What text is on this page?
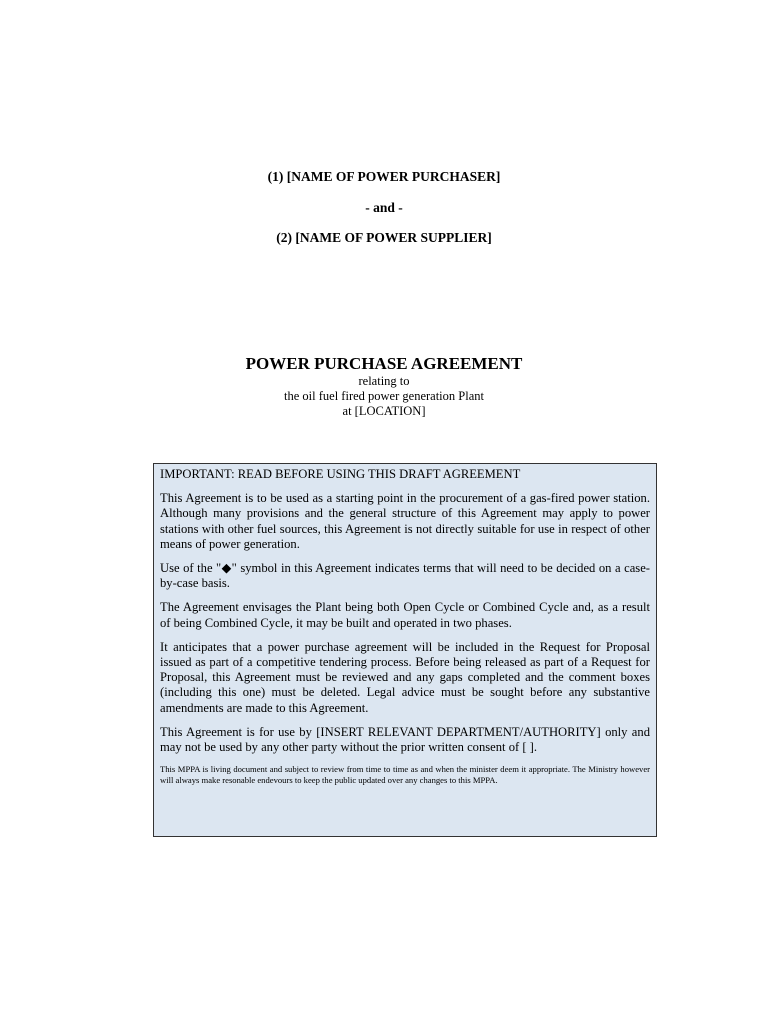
(1) [NAME OF POWER PURCHASER]
- and -
(2) [NAME OF POWER SUPPLIER]
POWER PURCHASE AGREEMENT
relating to
the oil fuel fired power generation Plant
at [LOCATION]

IMPORTANT: READ BEFORE USING THIS DRAFT AGREEMENT

This Agreement is to be used as a starting point in the procurement of a gas-fired power station. Although many provisions and the general structure of this Agreement may apply to power stations with other fuel sources, this Agreement is not directly suitable for use in respect of other means of power generation.

Use of the "◆" symbol in this Agreement indicates terms that will need to be decided on a case-by-case basis.

The Agreement envisages the Plant being both Open Cycle or Combined Cycle and, as a result of being Combined Cycle, it may be built and operated in two phases.

It anticipates that a power purchase agreement will be included in the Request for Proposal issued as part of a competitive tendering process. Before being released as part of a Request for Proposal, this Agreement must be reviewed and any gaps completed and the comment boxes (including this one) must be deleted. Legal advice must be sought before any substantive amendments are made to this Agreement.

This Agreement is for use by [INSERT RELEVANT DEPARTMENT/AUTHORITY] only and may not be used by any other party without the prior written consent of [ ].

This MPPA is living document and subject to review from time to time as and when the minister deem it appropriate. The Ministry however will always make resonable endevours to keep the public updated over any changes to this MPPA.
